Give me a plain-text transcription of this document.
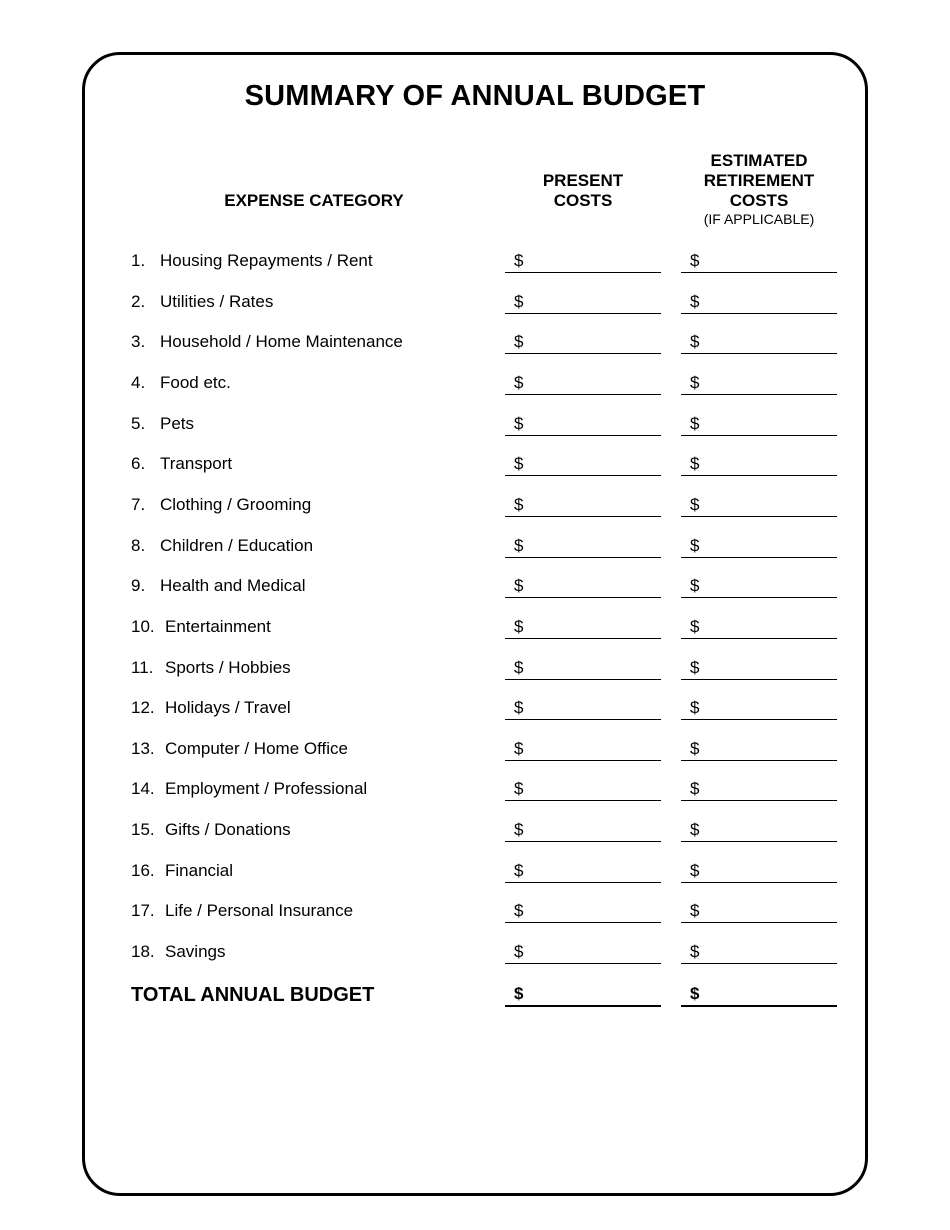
SUMMARY OF ANNUAL BUDGET
EXPENSE CATEGORY
PRESENT
COSTS
ESTIMATED
RETIREMENT
COSTS
(IF APPLICABLE)
1. Housing Repayments / Rent	$	$
2. Utilities / Rates	$	$
3. Household / Home Maintenance	$	$
4. Food etc.	$	$
5. Pets	$	$
6. Transport	$	$
7. Clothing / Grooming	$	$
8. Children / Education	$	$
9. Health and Medical	$	$
10. Entertainment	$	$
11. Sports / Hobbies	$	$
12. Holidays / Travel	$	$
13. Computer / Home Office	$	$
14. Employment / Professional	$	$
15. Gifts / Donations	$	$
16. Financial	$	$
17. Life / Personal Insurance	$	$
18. Savings	$	$
TOTAL ANNUAL BUDGET	$	$
